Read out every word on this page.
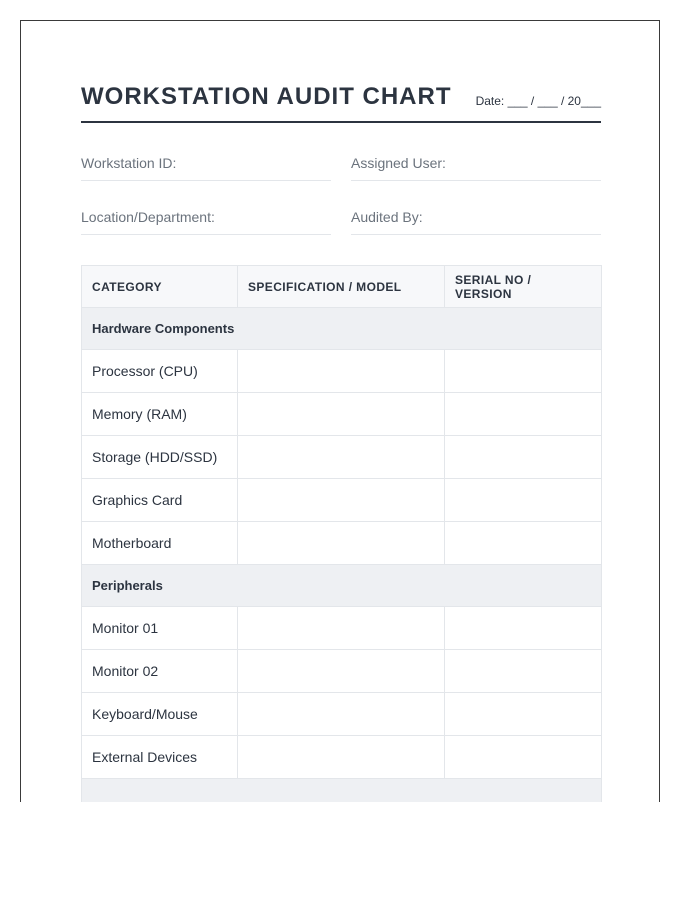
WORKSTATION AUDIT CHART Date: ___ / ___ / 20___
Workstation ID:	Assigned User:
Location/Department:	Audited By:
CATEGORY	SPECIFICATION / MODEL	SERIAL NO / VERSION
Hardware Components		
Processor (CPU)		
Memory (RAM)		
Storage (HDD/SSD)		
Graphics Card		
Motherboard		
Peripherals		
Monitor 01		
Monitor 02		
Keyboard/Mouse		
External Devices		
